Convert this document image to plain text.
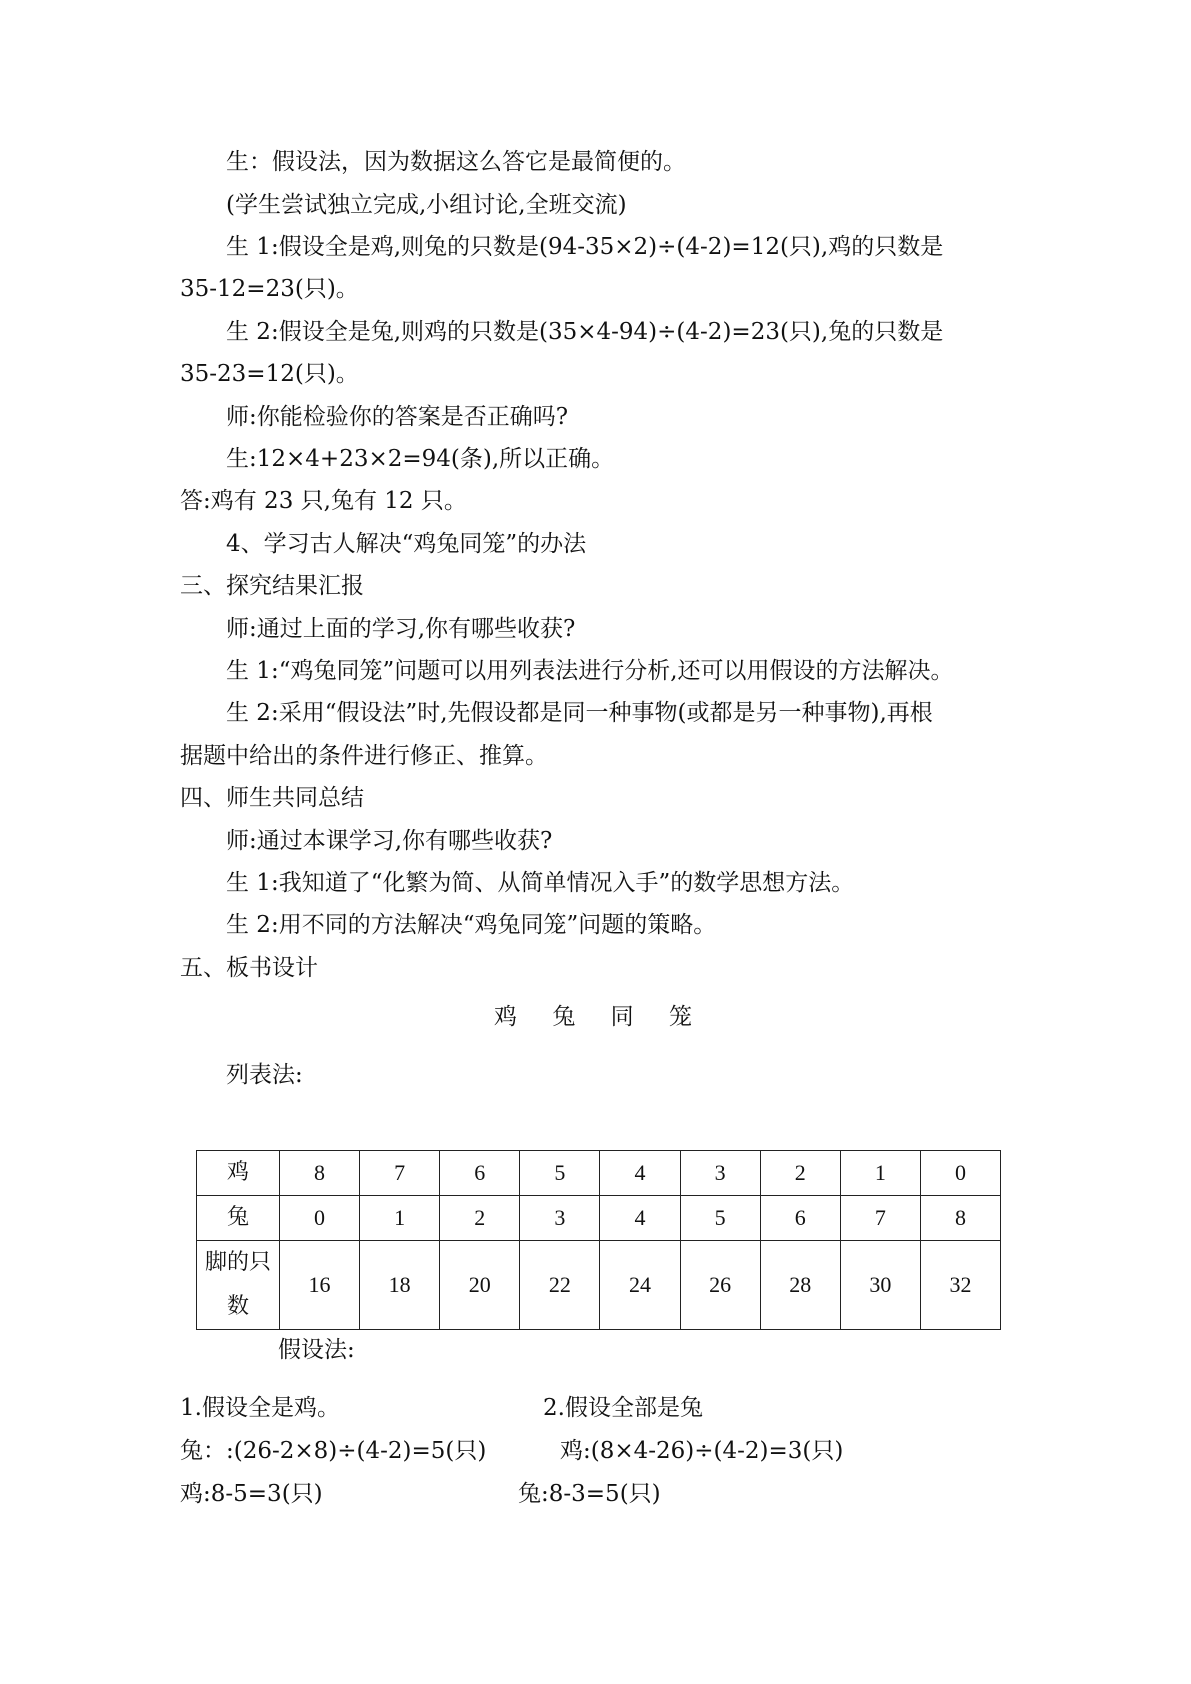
生：假设法，因为数据这么答它是最简便的。
(学生尝试独立完成,小组讨论,全班交流)
生 1:假设全是鸡,则兔的只数是(94-35×2)÷(4-2)=12(只),鸡的只数是
35-12=23(只)。
生 2:假设全是兔,则鸡的只数是(35×4-94)÷(4-2)=23(只),兔的只数是
35-23=12(只)。
师:你能检验你的答案是否正确吗?
生:12×4+23×2=94(条),所以正确。
答:鸡有 23 只,兔有 12 只。
4、学习古人解决“鸡兔同笼”的办法
三、探究结果汇报
师:通过上面的学习,你有哪些收获?
生 1:“鸡兔同笼”问题可以用列表法进行分析,还可以用假设的方法解决。
生 2:采用“假设法”时,先假设都是同一种事物(或都是另一种事物),再根
据题中给出的条件进行修正、推算。
四、师生共同总结
师:通过本课学习,你有哪些收获?
生 1:我知道了“化繁为简、从简单情况入手”的数学思想方法。
生 2:用不同的方法解决“鸡兔同笼”问题的策略。
五、板书设计
鸡 兔 同 笼
列表法:
鸡	8	7	6	5	4	3	2	1	0
兔	0	1	2	3	4	5	6	7	8
脚的只数	16	18	20	22	24	26	28	30	32
假设法:
1.假设全是鸡。	2.假设全部是兔
兔：:(26-2×8)÷(4-2)=5(只)	鸡:(8×4-26)÷(4-2)=3(只)
鸡:8-5=3(只)	兔:8-3=5(只)
